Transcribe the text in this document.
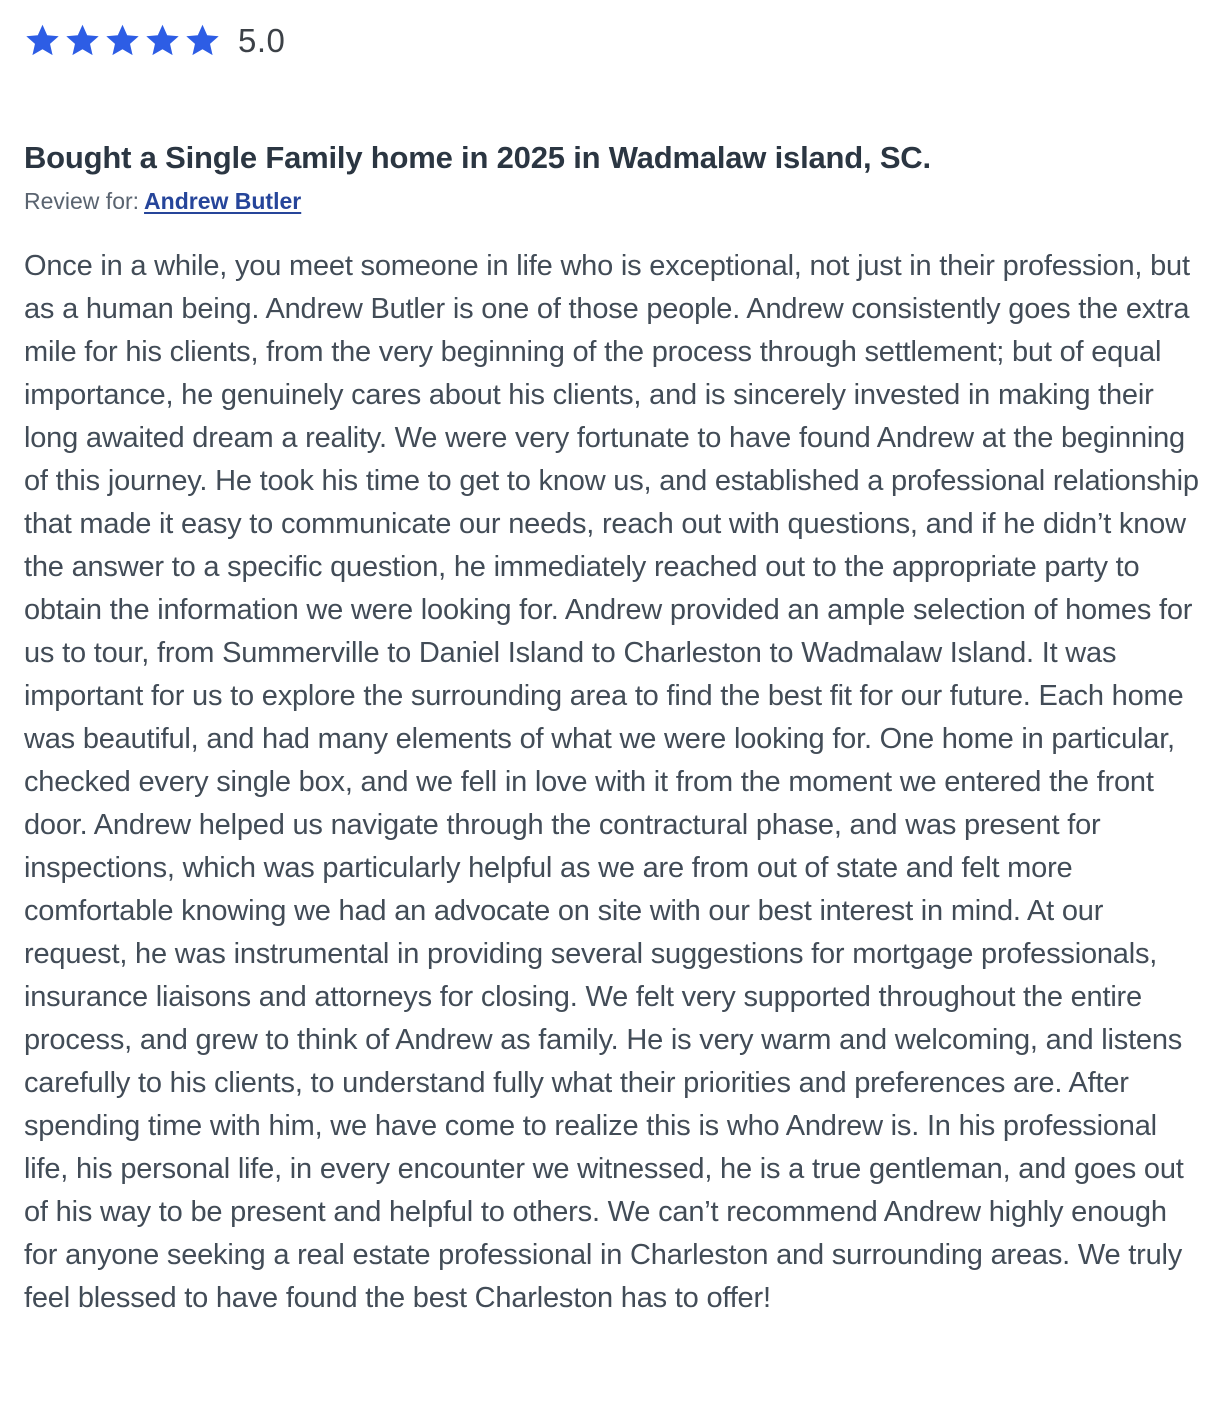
5.0
Bought a Single Family home in 2025 in Wadmalaw island, SC.
Review for: Andrew Butler

Once in a while, you meet someone in life who is exceptional, not just in their profession, but as a human being. Andrew Butler is one of those people. Andrew consistently goes the extra mile for his clients, from the very beginning of the process through settlement; but of equal importance, he genuinely cares about his clients, and is sincerely invested in making their long awaited dream a reality. We were very fortunate to have found Andrew at the beginning of this journey. He took his time to get to know us, and established a professional relationship that made it easy to communicate our needs, reach out with questions, and if he didn’t know the answer to a specific question, he immediately reached out to the appropriate party to obtain the information we were looking for. Andrew provided an ample selection of homes for us to tour, from Summerville to Daniel Island to Charleston to Wadmalaw Island. It was important for us to explore the surrounding area to find the best fit for our future. Each home was beautiful, and had many elements of what we were looking for. One home in particular, checked every single box, and we fell in love with it from the moment we entered the front door. Andrew helped us navigate through the contractural phase, and was present for inspections, which was particularly helpful as we are from out of state and felt more comfortable knowing we had an advocate on site with our best interest in mind. At our request, he was instrumental in providing several suggestions for mortgage professionals, insurance liaisons and attorneys for closing. We felt very supported throughout the entire process, and grew to think of Andrew as family. He is very warm and welcoming, and listens carefully to his clients, to understand fully what their priorities and preferences are. After spending time with him, we have come to realize this is who Andrew is. In his professional life, his personal life, in every encounter we witnessed, he is a true gentleman, and goes out of his way to be present and helpful to others. We can’t recommend Andrew highly enough for anyone seeking a real estate professional in Charleston and surrounding areas. We truly feel blessed to have found the best Charleston has to offer!
